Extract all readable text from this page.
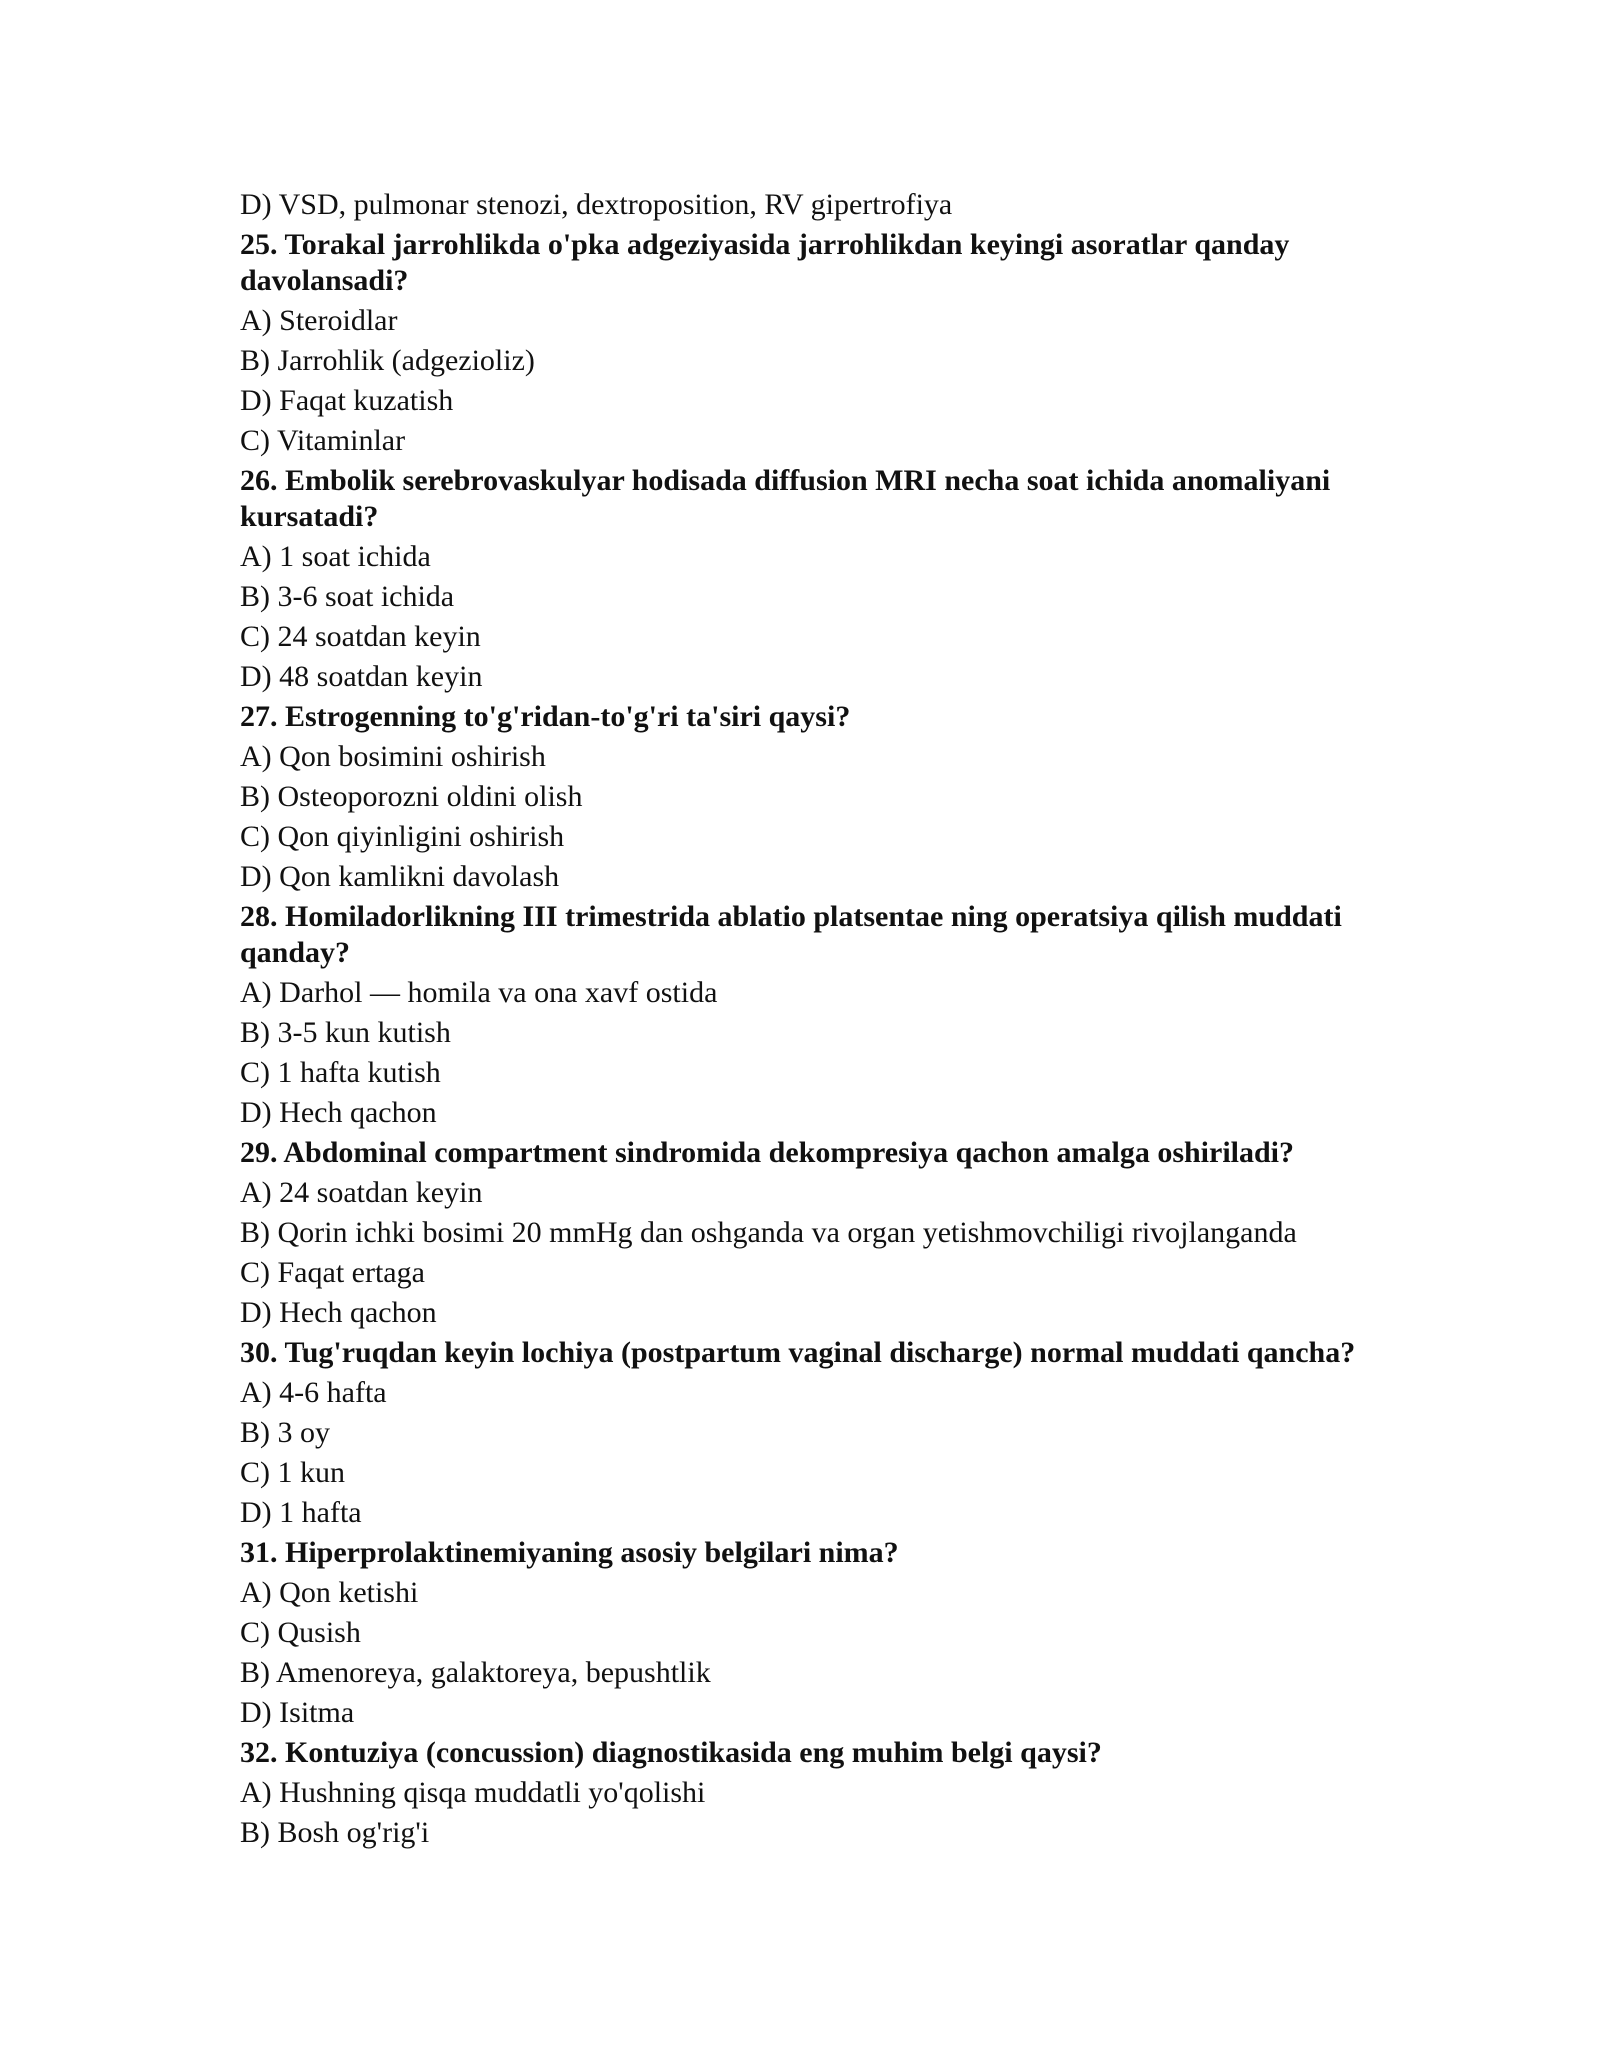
D) VSD, pulmonar stenozi, dextroposition, RV gipertrofiya

25. Torakal jarrohlikda o'pka adgeziyasida jarrohlikdan keyingi asoratlar qanday davolansadi?

A) Steroidlar

B) Jarrohlik (adgezioliz)

D) Faqat kuzatish

C) Vitaminlar

26. Embolik serebrovaskulyar hodisada diffusion MRI necha soat ichida anomaliyani kursatadi?

A) 1 soat ichida

B) 3-6 soat ichida

C) 24 soatdan keyin

D) 48 soatdan keyin

27. Estrogenning to'g'ridan-to'g'ri ta'siri qaysi?

A) Qon bosimini oshirish

B) Osteoporozni oldini olish

C) Qon qiyinligini oshirish

D) Qon kamlikni davolash

28. Homiladorlikning III trimestrida ablatio platsentae ning operatsiya qilish muddati qanday?

A) Darhol — homila va ona xavf ostida

B) 3-5 kun kutish

C) 1 hafta kutish

D) Hech qachon

29. Abdominal compartment sindromida dekompresiya qachon amalga oshiriladi?

A) 24 soatdan keyin

B) Qorin ichki bosimi 20 mmHg dan oshganda va organ yetishmovchiligi rivojlanganda

C) Faqat ertaga

D) Hech qachon

30. Tug'ruqdan keyin lochiya (postpartum vaginal discharge) normal muddati qancha?

A) 4-6 hafta

B) 3 oy

C) 1 kun

D) 1 hafta

31. Hiperprolaktinemiyaning asosiy belgilari nima?

A) Qon ketishi

C) Qusish

B) Amenoreya, galaktoreya, bepushtlik

D) Isitma

32. Kontuziya (concussion) diagnostikasida eng muhim belgi qaysi?

A) Hushning qisqa muddatli yo'qolishi

B) Bosh og'rig'i
